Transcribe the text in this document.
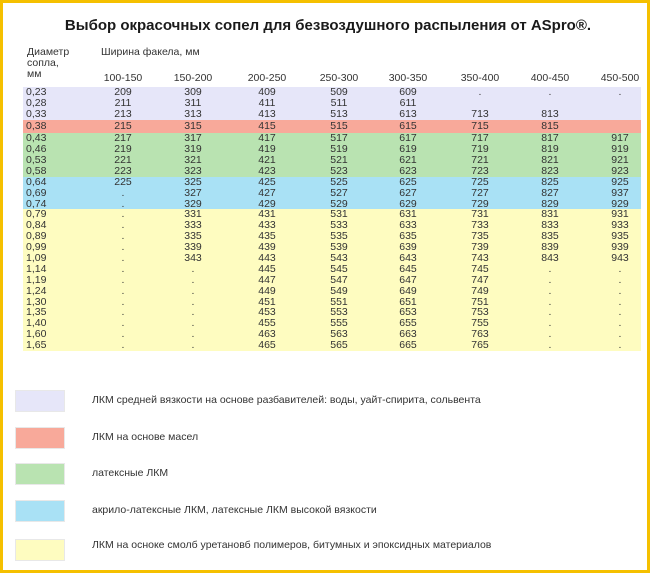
Выбор окрасочных сопел для безвоздушного распыления от ASpro®.
Диаметр
сопла,
мм
Ширина факела, мм
100-150	150-200	200-250	250-300	300-350	350-400	400-450	450-500
0,23	209	309	409	509	609	.	.	.
0,28	211	311	411	511	611
0,33	213	313	413	513	613	713	813
0,38	215	315	415	515	615	715	815
0,43	217	317	417	517	617	717	817	917
0,46	219	319	419	519	619	719	819	919
0,53	221	321	421	521	621	721	821	921
0,58	223	323	423	523	623	723	823	923
0,64	225	325	425	525	625	725	825	925
0,69	.	327	427	527	627	727	827	937
0,74	.	329	429	529	629	729	829	929
0,79	.	331	431	531	631	731	831	931
0,84	.	333	433	533	633	733	833	933
0,89	.	335	435	535	635	735	835	935
0,99	.	339	439	539	639	739	839	939
1,09	.	343	443	543	643	743	843	943
1,14	.	.	445	545	645	745	.	.
1,19	.	.	447	547	647	747	.	.
1,24	.	.	449	549	649	749	.	.
1,30	.	.	451	551	651	751	.	.
1,35	.	.	453	553	653	753	.	.
1,40	.	.	455	555	655	755	.	.
1,60	.	.	463	563	663	763	.	.
1,65	.	.	465	565	665	765	.	.
ЛКМ средней вязкости на основе разбавителей: воды, уайт-спирита, сольвента
ЛКМ на основе масел
латексные ЛКМ
акрило-латексные ЛКМ, латексные ЛКМ высокой вязкости
ЛКМ на осноке смолб уретановб полимеров, битумных и эпоксидных материалов
